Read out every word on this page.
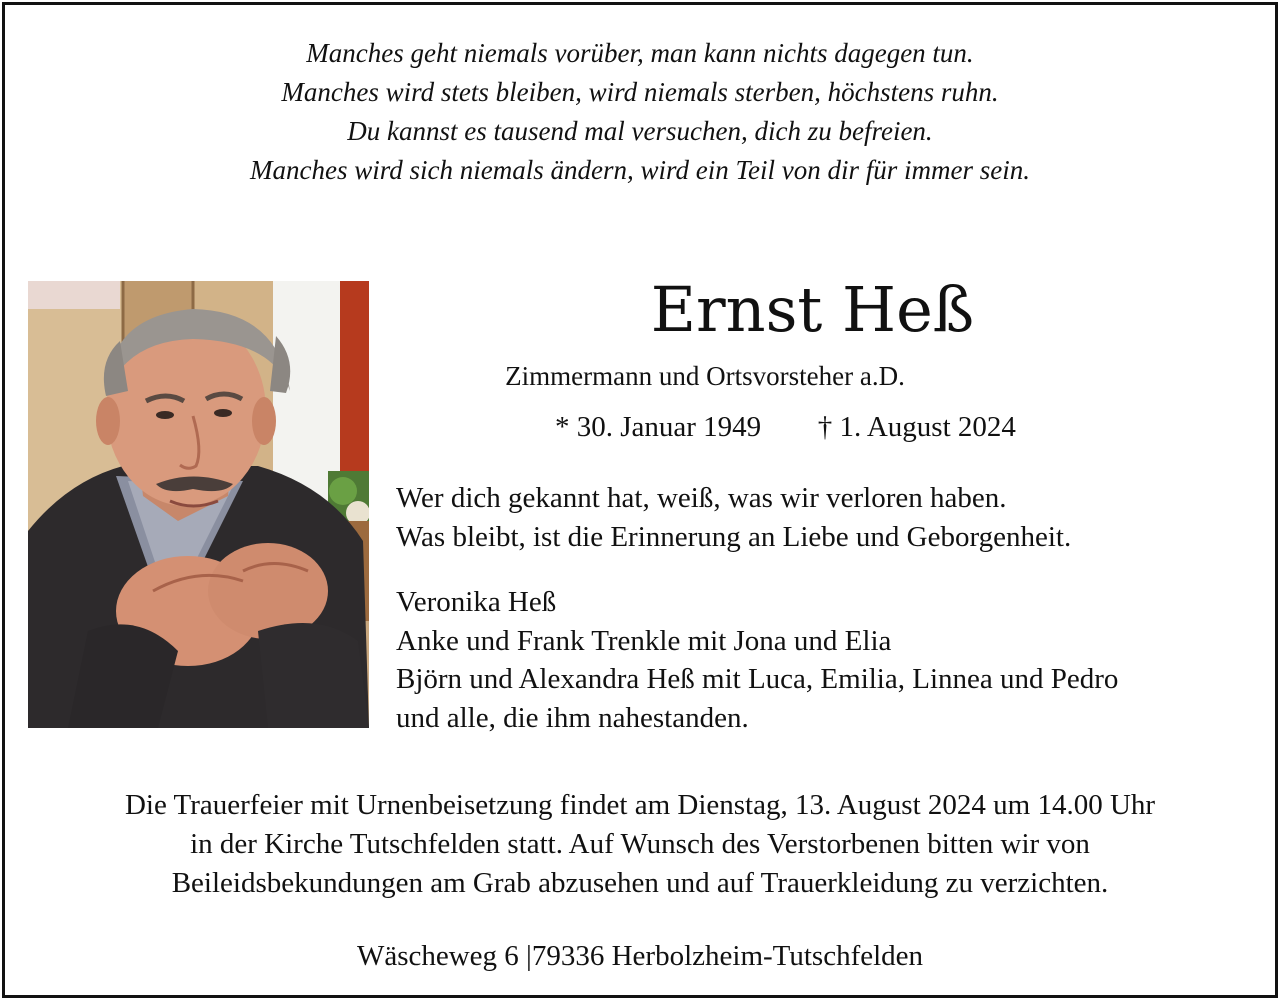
Manches geht niemals vorüber, man kann nichts dagegen tun.
Manches wird stets bleiben, wird niemals sterben, höchstens ruhn.
Du kannst es tausend mal versuchen, dich zu befreien.
Manches wird sich niemals ändern, wird ein Teil von dir für immer sein.
Ernst Heß
Zimmermann und Ortsvorsteher a.D.
* 30. Januar 1949 † 1. August 2024
Wer dich gekannt hat, weiß, was wir verloren haben.
Was bleibt, ist die Erinnerung an Liebe und Geborgenheit.
Veronika Heß
Anke und Frank Trenkle mit Jona und Elia
Björn und Alexandra Heß mit Luca, Emilia, Linnea und Pedro
und alle, die ihm nahestanden.
Die Trauerfeier mit Urnenbeisetzung findet am Dienstag, 13. August 2024 um 14.00 Uhr
in der Kirche Tutschfelden statt. Auf Wunsch des Verstorbenen bitten wir von
Beileidsbekundungen am Grab abzusehen und auf Trauerkleidung zu verzichten.
Wäscheweg 6 |79336 Herbolzheim-Tutschfelden
